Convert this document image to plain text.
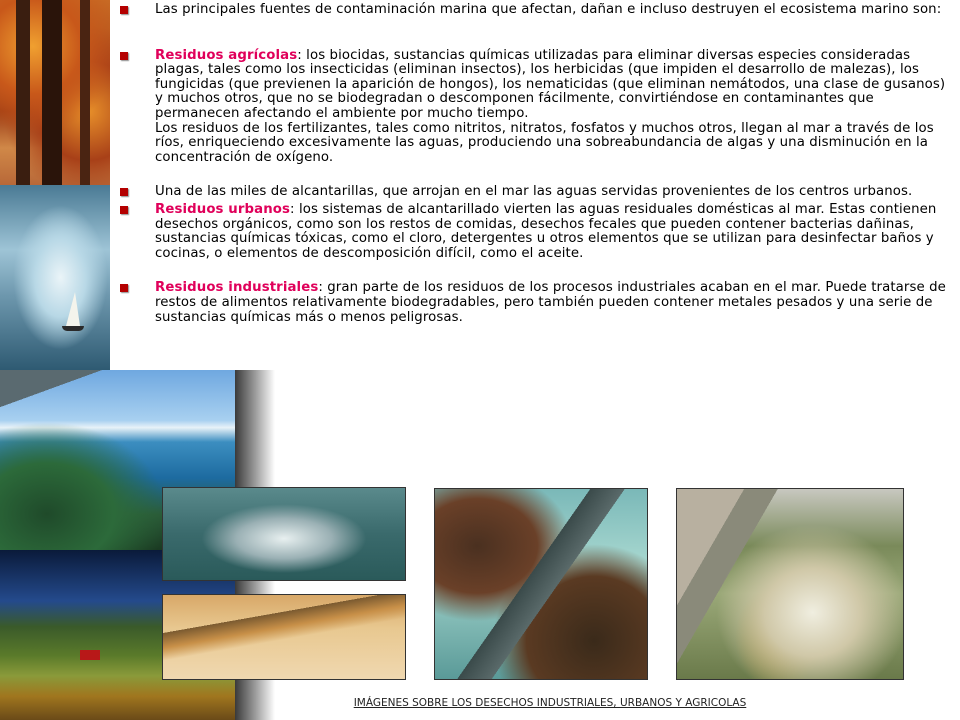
Las principales fuentes de contaminación marina que afectan, dañan e incluso destruyen el ecosistema marino son:

Residuos agrícolas: los biocidas, sustancias químicas utilizadas para eliminar diversas especies consideradas plagas, tales como los insecticidas (eliminan insectos), los herbicidas (que impiden el desarrollo de malezas), los fungicidas (que previenen la aparición de hongos), los nematicidas (que eliminan nemátodos, una clase de gusanos) y muchos otros, que no se biodegradan o descomponen fácilmente, convirtiéndose en contaminantes que permanecen afectando el ambiente por mucho tiempo.
Los residuos de los fertilizantes, tales como nitritos, nitratos, fosfatos y muchos otros, llegan al mar a través de los ríos, enriqueciendo excesivamente las aguas, produciendo una sobreabundancia de algas y una disminución en la concentración de oxígeno.

Una de las miles de alcantarillas, que arrojan en el mar las aguas servidas provenientes de los centros urbanos.

Residuos urbanos: los sistemas de alcantarillado vierten las aguas residuales domésticas al mar. Estas contienen desechos orgánicos, como son los restos de comidas, desechos fecales que pueden contener bacterias dañinas, sustancias químicas tóxicas, como el cloro, detergentes u otros elementos que se utilizan para desinfectar baños y cocinas, o elementos de descomposición difícil, como el aceite.

Residuos industriales: gran parte de los residuos de los procesos industriales acaban en el mar. Puede tratarse de restos de alimentos relativamente biodegradables, pero también pueden contener metales pesados y una serie de sustancias químicas más o menos peligrosas.

IMÁGENES SOBRE LOS DESECHOS INDUSTRIALES, URBANOS Y AGRICOLAS
